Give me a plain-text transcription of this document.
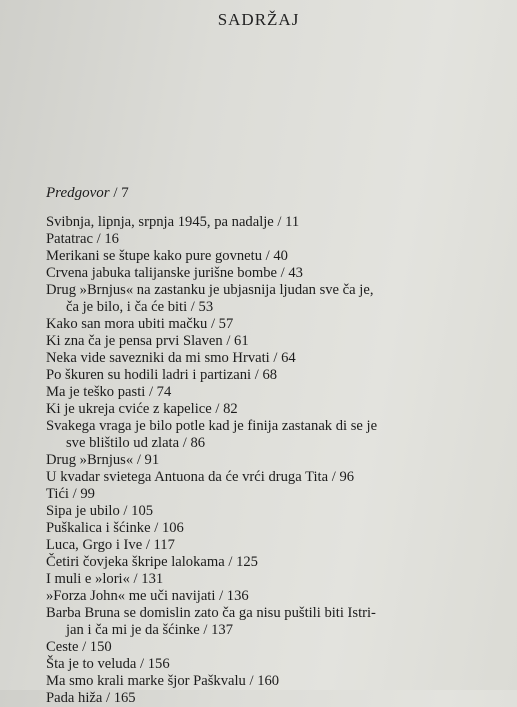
SADRŽAJ
Predgovor / 7
Svibnja, lipnja, srpnja 1945, pa nadalje / 11
Patatrac / 16
Merikani se štupe kako pure govnetu / 40
Crvena jabuka talijanske jurišne bombe / 43
Drug »Brnjus« na zastanku je ubjasnija ljudan sve ča je,

ča je bilo, i ča će biti / 53
Kako san mora ubiti mačku / 57
Ki zna ča je pensa prvi Slaven / 61
Neka vide savezniki da mi smo Hrvati / 64
Po škuren su hodili ladri i partizani / 68
Ma je teško pasti / 74
Ki je ukreja cviće z kapelice / 82
Svakega vraga je bilo potle kad je finija zastanak di se je

sve blištilo ud zlata / 86
Drug »Brnjus« / 91
U kvadar svietega Antuona da će vrći druga Tita / 96
Tići / 99
Sipa je ubilo / 105
Puškalica i šćinke / 106
Luca, Grgo i Ive / 117
Četiri čovjeka škripe lalokama / 125
I muli e »lori« / 131
»Forza John« me uči navijati / 136
Barba Bruna se domislin zato ča ga nisu puštili biti Istri-

jan i ča mi je da šćinke / 137
Ceste / 150
Šta je to veluda / 156
Ma smo krali marke šjor Paškvalu / 160
Pada hiža / 165
